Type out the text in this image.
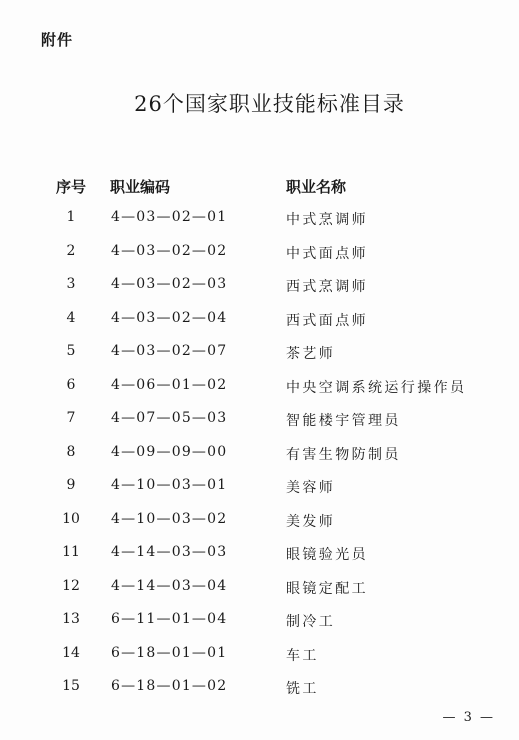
附件
26个国家职业技能标准目录
序号 职业编码	职业名称
1	4—03—02—01	中式烹调师
2	4—03—02—02	中式面点师
3	4—03—02—03	西式烹调师
4	4—03—02—04	西式面点师
5	4—03—02—07	茶艺师
6	4—06—01—02	中央空调系统运行操作员
7	4—07—05—03	智能楼宇管理员
8	4—09—09—00	有害生物防制员
9	4—10—03—01	美容师
10 4—10—03—02	美发师
11 4—14—03—03	眼镜验光员
12 4—14—03—04	眼镜定配工
13 6—11—01—04	制冷工
14 6—18—01—01	车工
15 6—18—01—02	铣工
— 3 —
